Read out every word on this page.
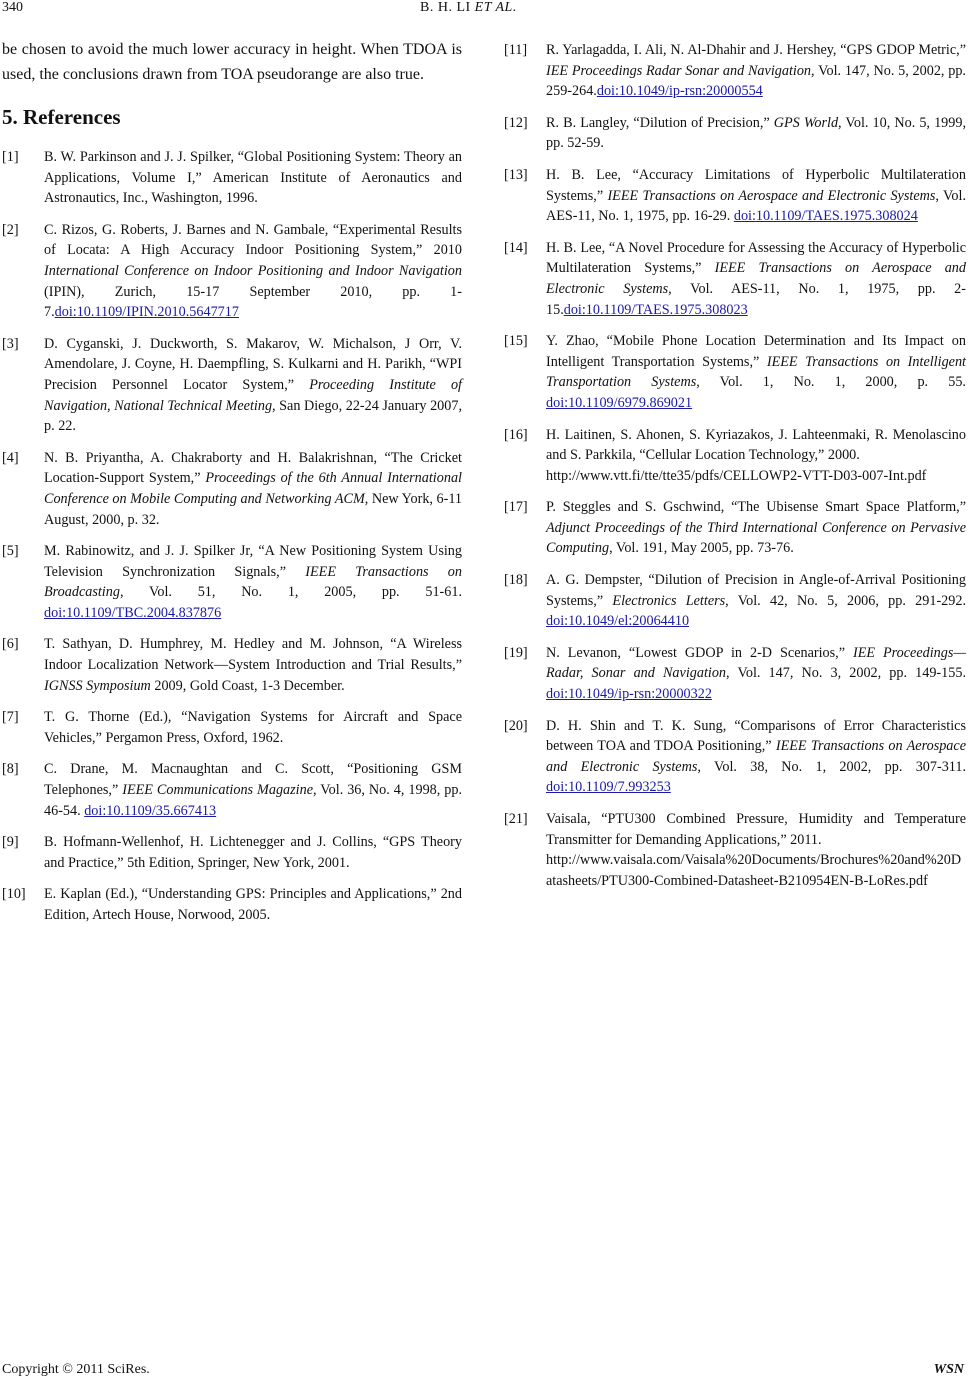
340	B. H. LI ET AL.

be chosen to avoid the much lower accuracy in height. When TDOA is used, the conclusions drawn from TOA pseudorange are also true.

5. References
[1]	B. W. Parkinson and J. J. Spilker, “Global Positioning System: Theory an Applications, Volume I,” American Institute of Aeronautics and Astronautics, Inc., Washington, 1996.
[2]	C. Rizos, G. Roberts, J. Barnes and N. Gambale, “Experimental Results of Locata: A High Accuracy Indoor Positioning System,” 2010 International Conference on Indoor Positioning and Indoor Navigation (IPIN), Zurich, 15-17 September 2010, pp. 1-7.doi:10.1109/IPIN.2010.5647717
[3]	D. Cyganski, J. Duckworth, S. Makarov, W. Michalson, J Orr, V. Amendolare, J. Coyne, H. Daempfling, S. Kulkarni and H. Parikh, “WPI Precision Personnel Locator System,” Proceeding Institute of Navigation, National Technical Meeting, San Diego, 22-24 January 2007, p. 22.
[4]	N. B. Priyantha, A. Chakraborty and H. Balakrishnan, “The Cricket Location-Support System,” Proceedings of the 6th Annual International Conference on Mobile Computing and Networking ACM, New York, 6-11 August, 2000, p. 32.
[5]	M. Rabinowitz, and J. J. Spilker Jr, “A New Positioning System Using Television Synchronization Signals,” IEEE Transactions on Broadcasting, Vol. 51, No. 1, 2005, pp. 51-61. doi:10.1109/TBC.2004.837876
[6]	T. Sathyan, D. Humphrey, M. Hedley and M. Johnson, “A Wireless Indoor Localization Network—System Introduction and Trial Results,” IGNSS Symposium 2009, Gold Coast, 1-3 December.
[7]	T. G. Thorne (Ed.), “Navigation Systems for Aircraft and Space Vehicles,” Pergamon Press, Oxford, 1962.
[8]	C. Drane, M. Macnaughtan and C. Scott, “Positioning GSM Telephones,” IEEE Communications Magazine, Vol. 36, No. 4, 1998, pp. 46-54. doi:10.1109/35.667413
[9]	B. Hofmann-Wellenhof, H. Lichtenegger and J. Collins, “GPS Theory and Practice,” 5th Edition, Springer, New York, 2001.
[10]	E. Kaplan (Ed.), “Understanding GPS: Principles and Applications,” 2nd Edition, Artech House, Norwood, 2005.
[11]	R. Yarlagadda, I. Ali, N. Al-Dhahir and J. Hershey, “GPS GDOP Metric,” IEE Proceedings Radar Sonar and Navigation, Vol. 147, No. 5, 2002, pp. 259-264.doi:10.1049/ip-rsn:20000554
[12]	R. B. Langley, “Dilution of Precision,” GPS World, Vol. 10, No. 5, 1999, pp. 52-59.
[13]	H. B. Lee, “Accuracy Limitations of Hyperbolic Multilateration Systems,” IEEE Transactions on Aerospace and Electronic Systems, Vol. AES-11, No. 1, 1975, pp. 16-29. doi:10.1109/TAES.1975.308024
[14]	H. B. Lee, “A Novel Procedure for Assessing the Accuracy of Hyperbolic Multilateration Systems,” IEEE Transactions on Aerospace and Electronic Systems, Vol. AES-11, No. 1, 1975, pp. 2-15.doi:10.1109/TAES.1975.308023
[15]	Y. Zhao, “Mobile Phone Location Determination and Its Impact on Intelligent Transportation Systems,” IEEE Transactions on Intelligent Transportation Systems, Vol. 1, No. 1, 2000, p. 55. doi:10.1109/6979.869021
[16]	H. Laitinen, S. Ahonen, S. Kyriazakos, J. Lahteenmaki, R. Menolascino and S. Parkkila, “Cellular Location Technology,” 2000.
http://www.vtt.fi/tte/tte35/pdfs/CELLOWP2-VTT-D03-007-Int.pdf
[17]	P. Steggles and S. Gschwind, “The Ubisense Smart Space Platform,” Adjunct Proceedings of the Third International Conference on Pervasive Computing, Vol. 191, May 2005, pp. 73-76.
[18]	A. G. Dempster, “Dilution of Precision in Angle-of-Arrival Positioning Systems,” Electronics Letters, Vol. 42, No. 5, 2006, pp. 291-292. doi:10.1049/el:20064410
[19]	N. Levanon, “Lowest GDOP in 2-D Scenarios,” IEE Proceedings—Radar, Sonar and Navigation, Vol. 147, No. 3, 2002, pp. 149-155. doi:10.1049/ip-rsn:20000322
[20]	D. H. Shin and T. K. Sung, “Comparisons of Error Characteristics between TOA and TDOA Positioning,” IEEE Transactions on Aerospace and Electronic Systems, Vol. 38, No. 1, 2002, pp. 307-311. doi:10.1109/7.993253
[21]	Vaisala, “PTU300 Combined Pressure, Humidity and Temperature Transmitter for Demanding Applications,” 2011.
http://www.vaisala.com/Vaisala%20Documents/Brochures%20and%20Datasheets/PTU300-Combined-Datasheet-B210954EN-B-LoRes.pdf
Copyright © 2011 SciRes.	WSN
